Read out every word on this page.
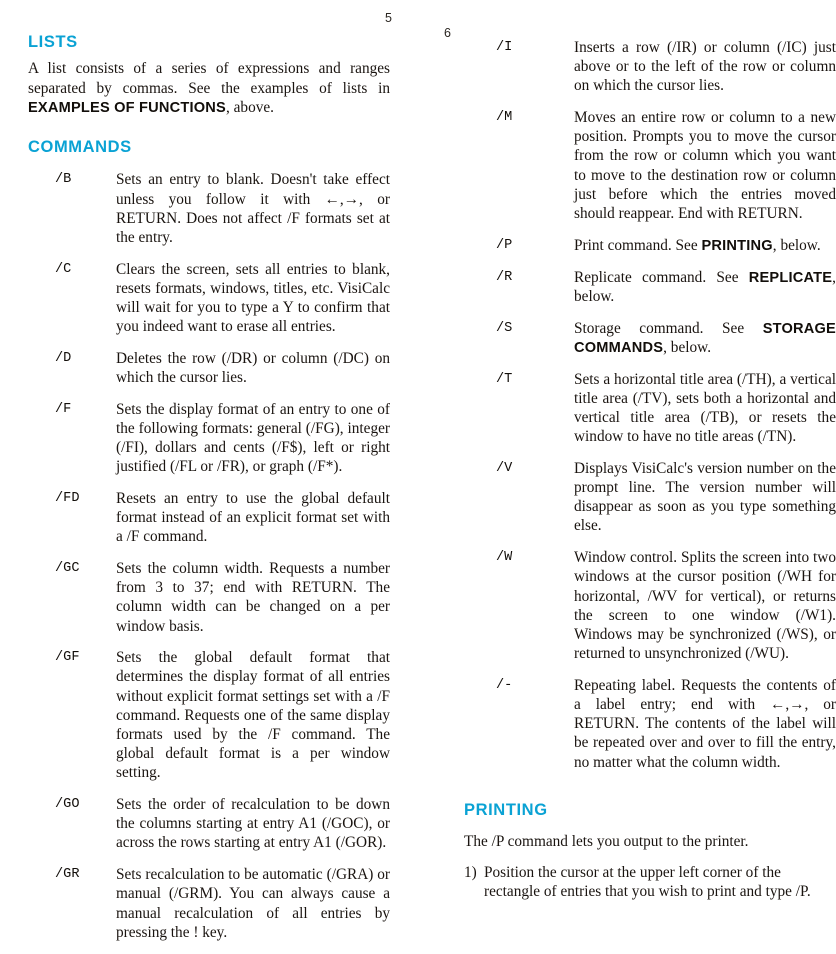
5
LISTS

A list consists of a series of expressions and ranges separated by commas. See the examples of lists in EXAMPLES OF FUNCTIONS, above.

COMMANDS
/B	Sets an entry to blank. Doesn't take effect unless you follow it with ←,→, or RETURN. Does not affect /F formats set at the entry.
/C	Clears the screen, sets all entries to blank, resets formats, windows, titles, etc. VisiCalc will wait for you to type a Y to confirm that you indeed want to erase all entries.
/D	Deletes the row (/DR) or column (/DC) on which the cursor lies.
/F	Sets the display format of an entry to one of the following formats: general (/FG), integer (/FI), dollars and cents (/F$), left or right justified (/FL or /FR), or graph (/F*).
/FD Resets an entry to use the global default format instead of an explicit format set with a /F command.
/GC Sets the column width. Requests a number from 3 to 37; end with RETURN. The column width can be changed on a per window basis.
/GF Sets the global default format that determines the display format of all entries without explicit format settings set with a /F command. Requests one of the same display formats used by the /F command. The global default format is a per window setting.
/GO Sets the order of recalculation to be down the columns starting at entry A1 (/GOC), or across the rows starting at entry A1 (/GOR).
/GR Sets recalculation to be automatic (/GRA) or manual (/GRM). You can always cause a manual recalculation of all entries by pressing the ! key.
6
/I	Inserts a row (/IR) or column (/IC) just above or to the left of the row or column on which the cursor lies.
/M	Moves an entire row or column to a new position. Prompts you to move the cursor from the row or column which you want to move to the destination row or column just before which the entries moved should reappear. End with RETURN.
/P	Print command. See PRINTING, below.
/R	Replicate command. See REPLICATE, below.
/S	Storage command. See STORAGE COMMANDS, below.
/T	Sets a horizontal title area (/TH), a vertical title area (/TV), sets both a horizontal and vertical title area (/TB), or resets the window to have no title areas (/TN).
/V	Displays VisiCalc's version number on the prompt line. The version number will disappear as soon as you type something else.
/W	Window control. Splits the screen into two windows at the cursor position (/WH for horizontal, /WV for vertical), or returns the screen to one window (/W1). Windows may be synchronized (/WS), or returned to unsynchronized (/WU).
/-	Repeating label. Requests the contents of a label entry; end with ←,→, or RETURN. The contents of the label will be repeated over and over to fill the entry, no matter what the column width.
PRINTING

The /P command lets you output to the printer.

1) Position the cursor at the upper left corner of the rectangle of entries that you wish to print and type /P.
